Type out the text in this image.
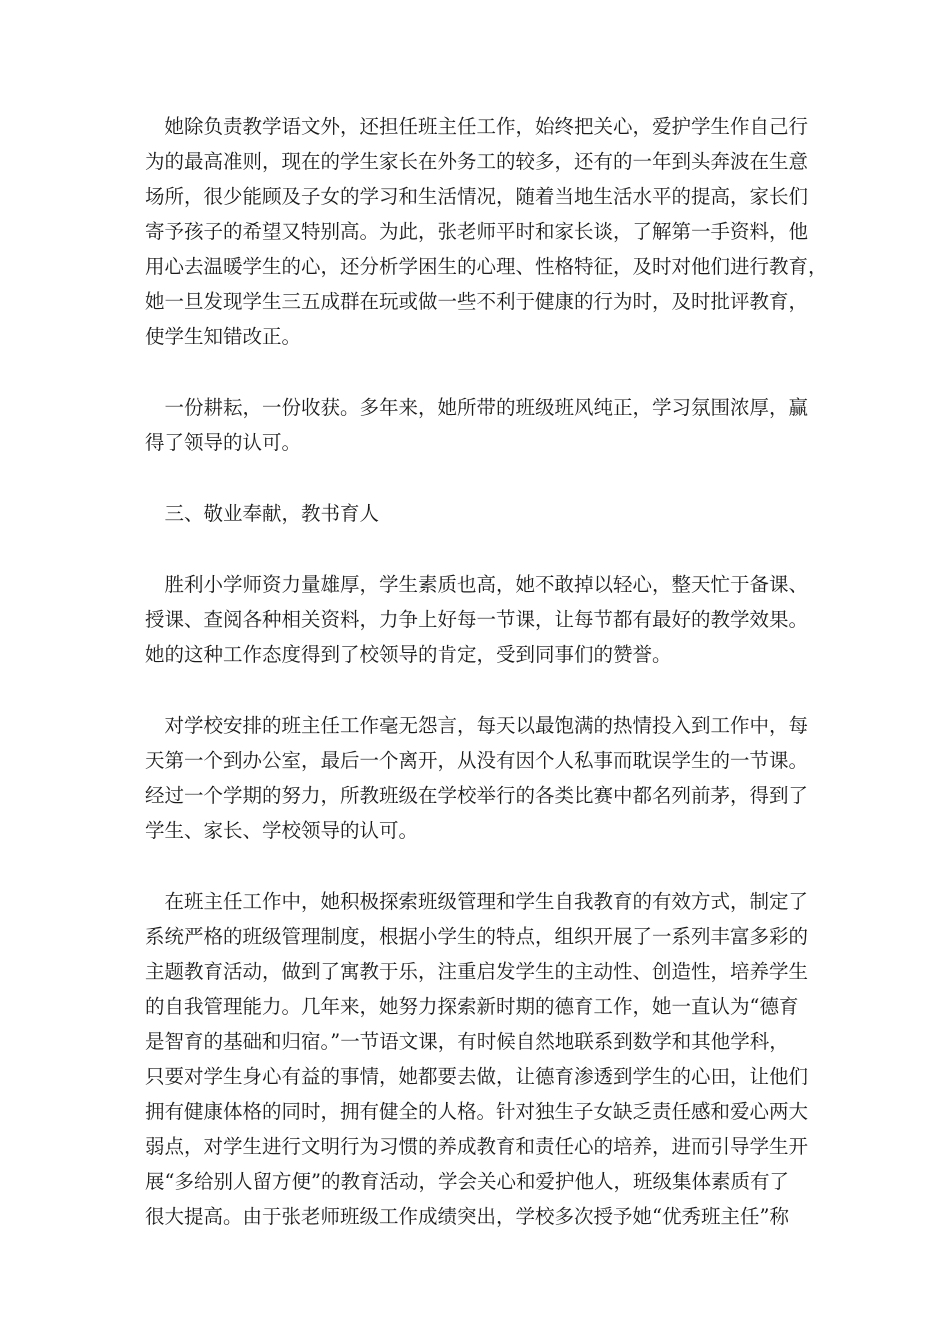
　她除负责教学语文外，还担任班主任工作，始终把关心，爱护学生作自己行
为的最高准则，现在的学生家长在外务工的较多，还有的一年到头奔波在生意
场所，很少能顾及子女的学习和生活情况，随着当地生活水平的提高，家长们
寄予孩子的希望又特别高。为此，张老师平时和家长谈，了解第一手资料，他
用心去温暖学生的心，还分析学困生的心理、性格特征，及时对他们进行教育，
她一旦发现学生三五成群在玩或做一些不利于健康的行为时，及时批评教育，
使学生知错改正。

　一份耕耘，一份收获。多年来，她所带的班级班风纯正，学习氛围浓厚，赢
得了领导的认可。

　三、敬业奉献，教书育人

　胜利小学师资力量雄厚，学生素质也高，她不敢掉以轻心，整天忙于备课、
授课、查阅各种相关资料，力争上好每一节课，让每节都有最好的教学效果。
她的这种工作态度得到了校领导的肯定，受到同事们的赞誉。

　对学校安排的班主任工作毫无怨言，每天以最饱满的热情投入到工作中，每
天第一个到办公室，最后一个离开，从没有因个人私事而耽误学生的一节课。
经过一个学期的努力，所教班级在学校举行的各类比赛中都名列前茅，得到了
学生、家长、学校领导的认可。

　在班主任工作中，她积极探索班级管理和学生自我教育的有效方式，制定了
系统严格的班级管理制度，根据小学生的特点，组织开展了一系列丰富多彩的
主题教育活动，做到了寓教于乐，注重启发学生的主动性、创造性，培养学生
的自我管理能力。几年来，她努力探索新时期的德育工作，她一直认为“德育
是智育的基础和归宿。”一节语文课，有时候自然地联系到数学和其他学科，
只要对学生身心有益的事情，她都要去做，让德育渗透到学生的心田，让他们
拥有健康体格的同时，拥有健全的人格。针对独生子女缺乏责任感和爱心两大
弱点，对学生进行文明行为习惯的养成教育和责任心的培养，进而引导学生开
展“多给别人留方便”的教育活动，学会关心和爱护他人，班级集体素质有了
很大提高。由于张老师班级工作成绩突出，学校多次授予她“优秀班主任”称
